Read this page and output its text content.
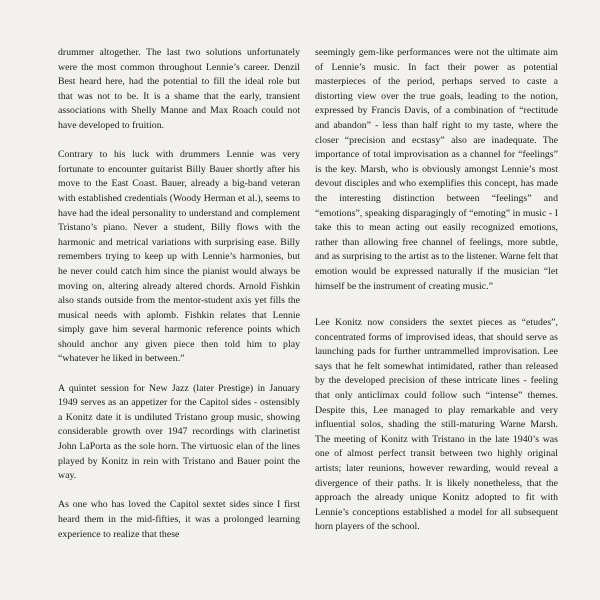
drummer altogether. The last two solutions unfortunately were the most common throughout Lennie’s career. Denzil Best heard here, had the potential to fill the ideal role but that was not to be. It is a shame that the early, transient associations with Shelly Manne and Max Roach could not have developed to fruition.

Contrary to his luck with drummers Lennie was very fortunate to encounter guitarist Billy Bauer shortly after his move to the East Coast. Bauer, already a big-band veteran with established credentials (Woody Herman et al.), seems to have had the ideal personality to understand and complement Tristano’s piano. Never a student, Billy flows with the harmonic and metrical variations with surprising ease. Billy remembers trying to keep up with Lennie’s harmonies, but he never could catch him since the pianist would always be moving on, altering already altered chords. Arnold Fishkin also stands outside from the mentor-student axis yet fills the musical needs with aplomb. Fishkin relates that Lennie simply gave him several harmonic reference points which should anchor any given piece then told him to play “whatever he liked in between.”

A quintet session for New Jazz (later Prestige) in January 1949 serves as an appetizer for the Capitol sides - ostensibly a Konitz date it is undiluted Tristano group music, showing considerable growth over 1947 recordings with clarinetist John LaPorta as the sole horn. The virtuosic elan of the lines played by Konitz in rein with Tristano and Bauer point the way.

As one who has loved the Capitol sextet sides since I first heard them in the mid-fifties, it was a prolonged learning experience to realize that these

seemingly gem-like performances were not the ultimate aim of Lennie’s music. In fact their power as potential masterpieces of the period, perhaps served to caste a distorting view over the true goals, leading to the notion, expressed by Francis Davis, of a combination of “rectitude and abandon” - less than half right to my taste, where the closer “precision and ecstasy” also are inadequate. The importance of total improvisation as a channel for “feelings” is the key. Marsh, who is obviously amongst Lennie’s most devout disciples and who exemplifies this concept, has made the interesting distinction between “feelings” and “emotions”, speaking disparagingly of “emoting” in music - I take this to mean acting out easily recognized emotions, rather than allowing free channel of feelings, more subtle, and as surprising to the artist as to the listener. Warne felt that emotion would be expressed naturally if the musician “let himself be the instrument of creating music.”

Lee Konitz now considers the sextet pieces as “etudes”, concentrated forms of improvised ideas, that should serve as launching pads for further untrammelled improvisation. Lee says that he felt somewhat intimidated, rather than released by the developed precision of these intricate lines - feeling that only anticlimax could follow such “intense” themes. Despite this, Lee managed to play remarkable and very influential solos, shading the still-maturing Warne Marsh. The meeting of Konitz with Tristano in the late 1940’s was one of almost perfect transit between two highly original artists; later reunions, however rewarding, would reveal a divergence of their paths. It is likely nonetheless, that the approach the already unique Konitz adopted to fit with Lennie’s conceptions established a model for all subsequent horn players of the school.
